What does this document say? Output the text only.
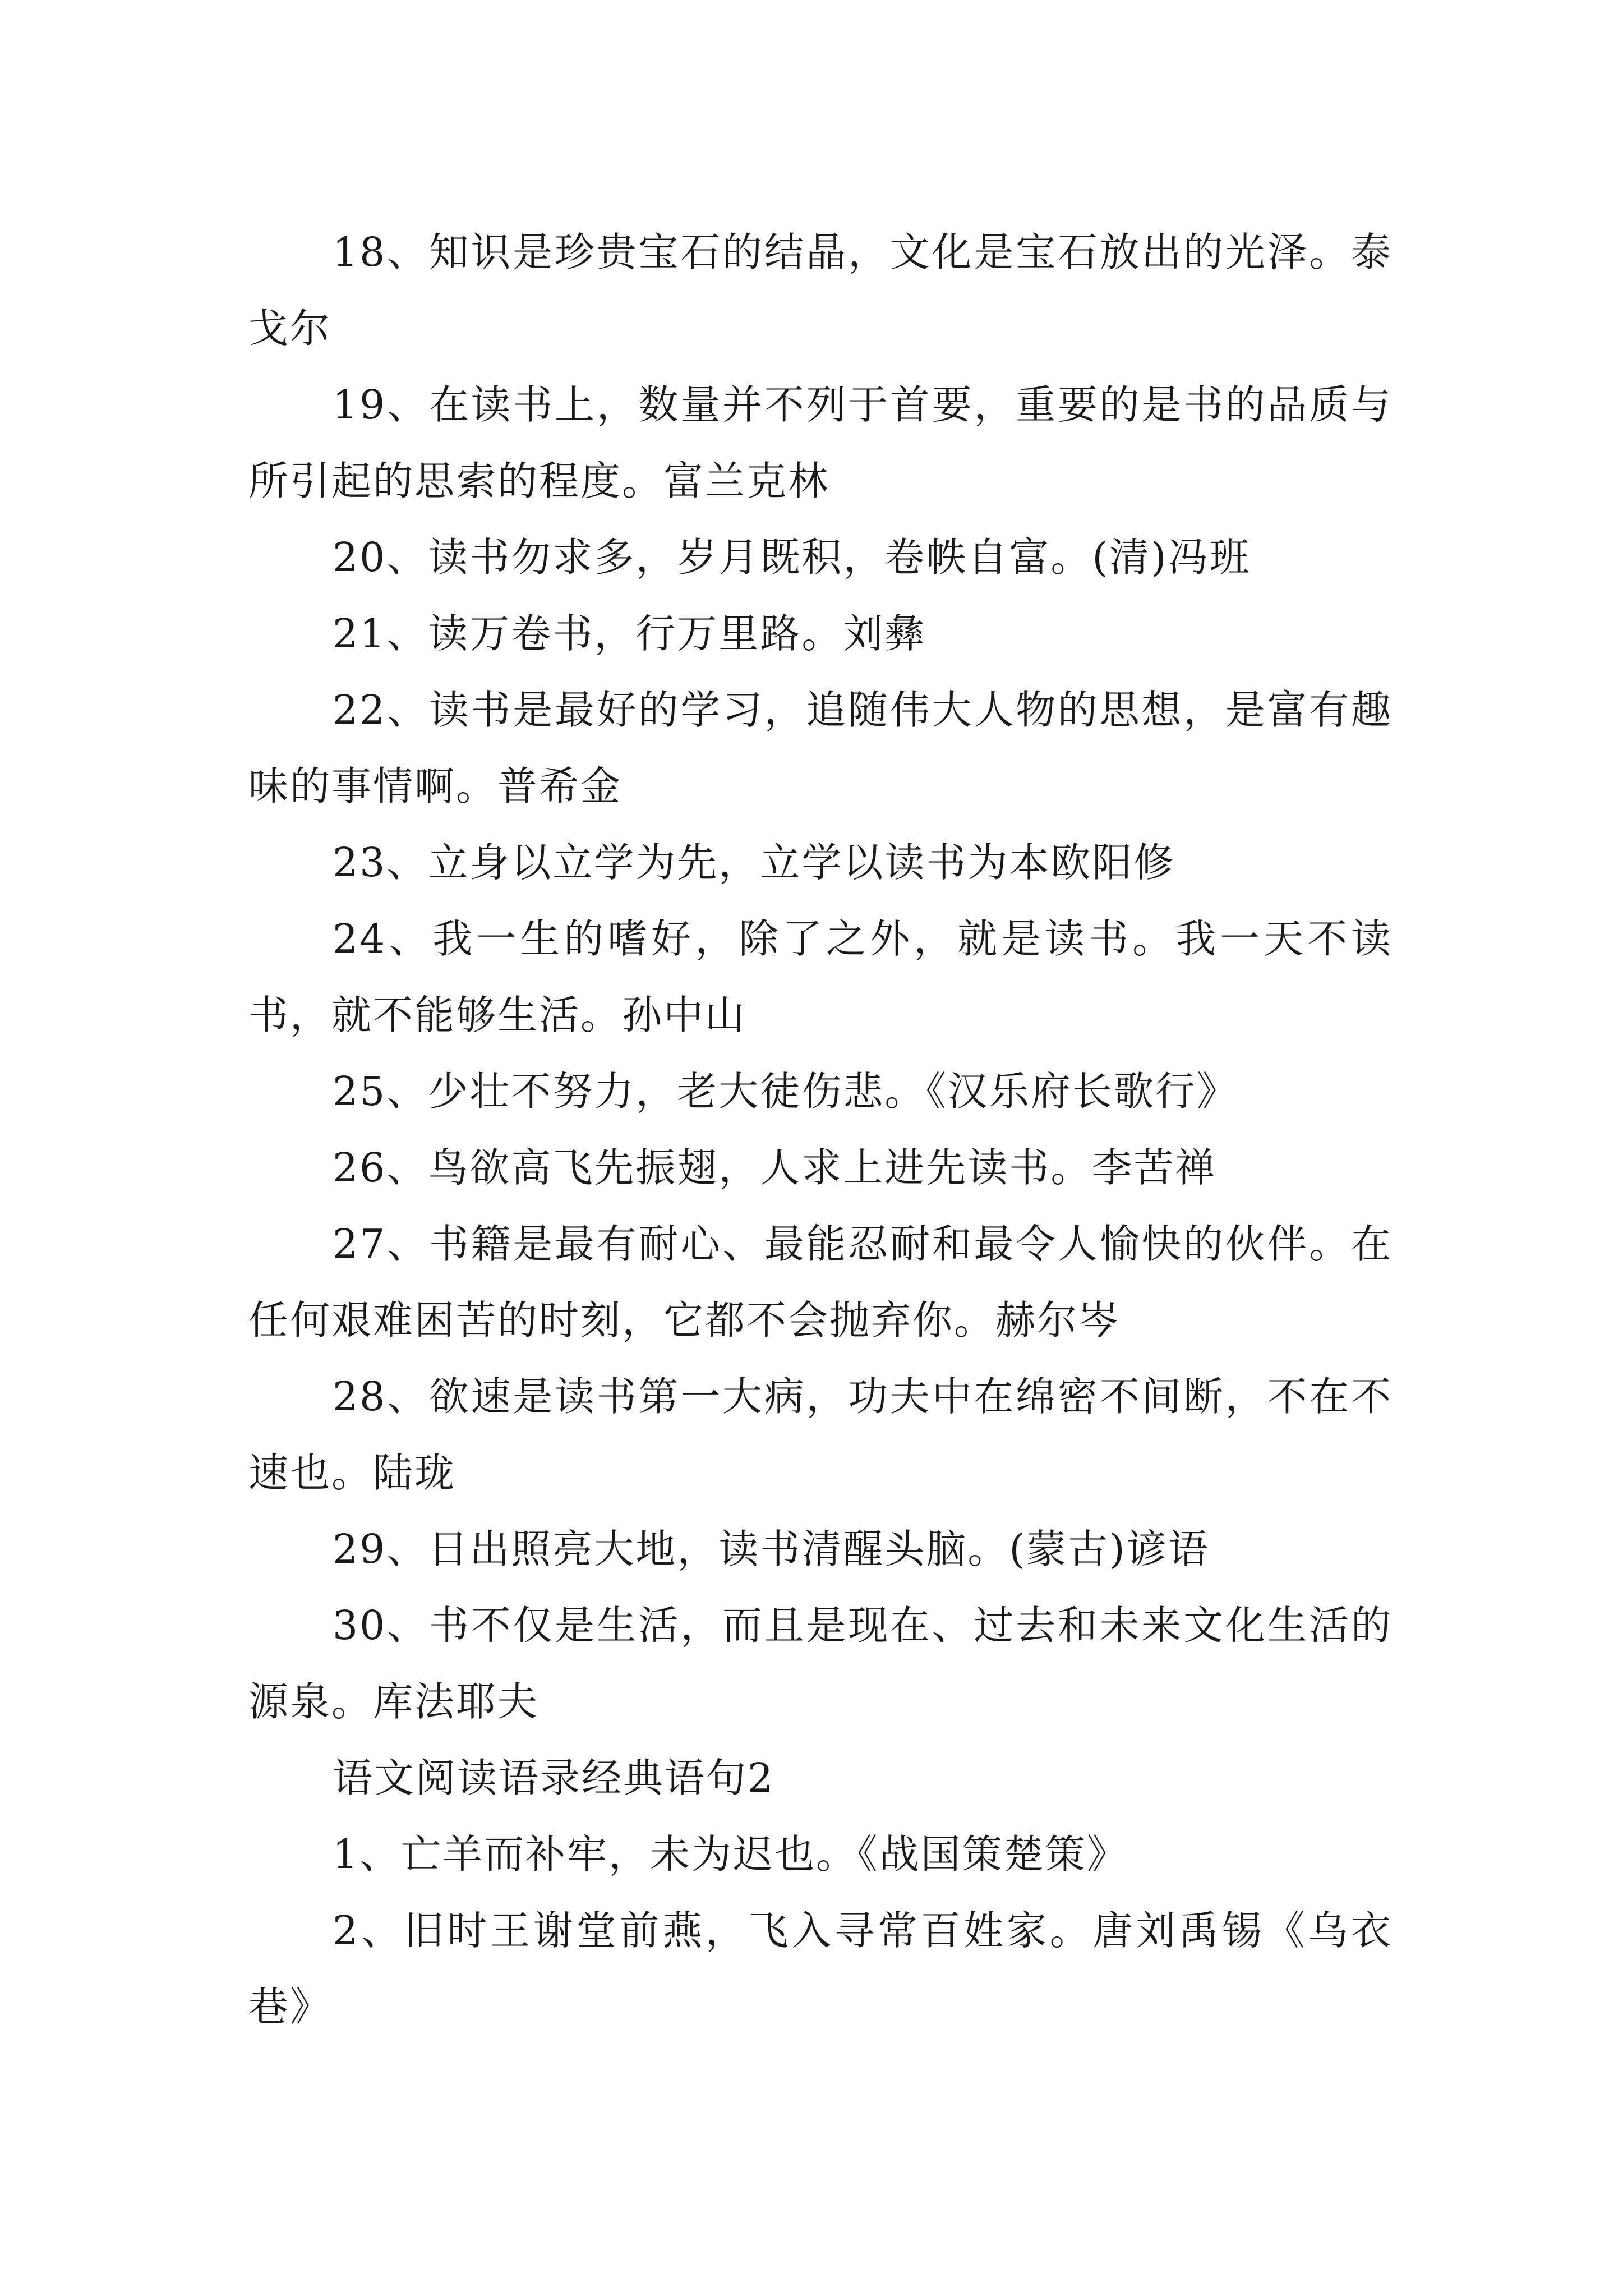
18、知识是珍贵宝石的结晶，文化是宝石放出的光泽。泰戈尔

19、在读书上，数量并不列于首要，重要的是书的品质与所引起的思索的程度。富兰克林

20、读书勿求多，岁月既积，卷帙自富。(清)冯班

21、读万卷书，行万里路。刘彝

22、读书是最好的学习，追随伟大人物的思想，是富有趣味的事情啊。普希金

23、立身以立学为先，立学以读书为本欧阳修

24、我一生的嗜好，除了之外，就是读书。我一天不读书，就不能够生活。孙中山

25、少壮不努力，老大徒伤悲。《汉乐府长歌行》

26、鸟欲高飞先振翅，人求上进先读书。李苦禅

27、书籍是最有耐心、最能忍耐和最令人愉快的伙伴。在任何艰难困苦的时刻，它都不会抛弃你。赫尔岑

28、欲速是读书第一大病，功夫中在绵密不间断，不在不速也。陆珑

29、日出照亮大地，读书清醒头脑。(蒙古)谚语

30、书不仅是生活，而且是现在、过去和未来文化生活的源泉。库法耶夫

语文阅读语录经典语句2

1、亡羊而补牢，未为迟也。《战国策楚策》

2、旧时王谢堂前燕，飞入寻常百姓家。唐刘禹锡《乌衣巷》
